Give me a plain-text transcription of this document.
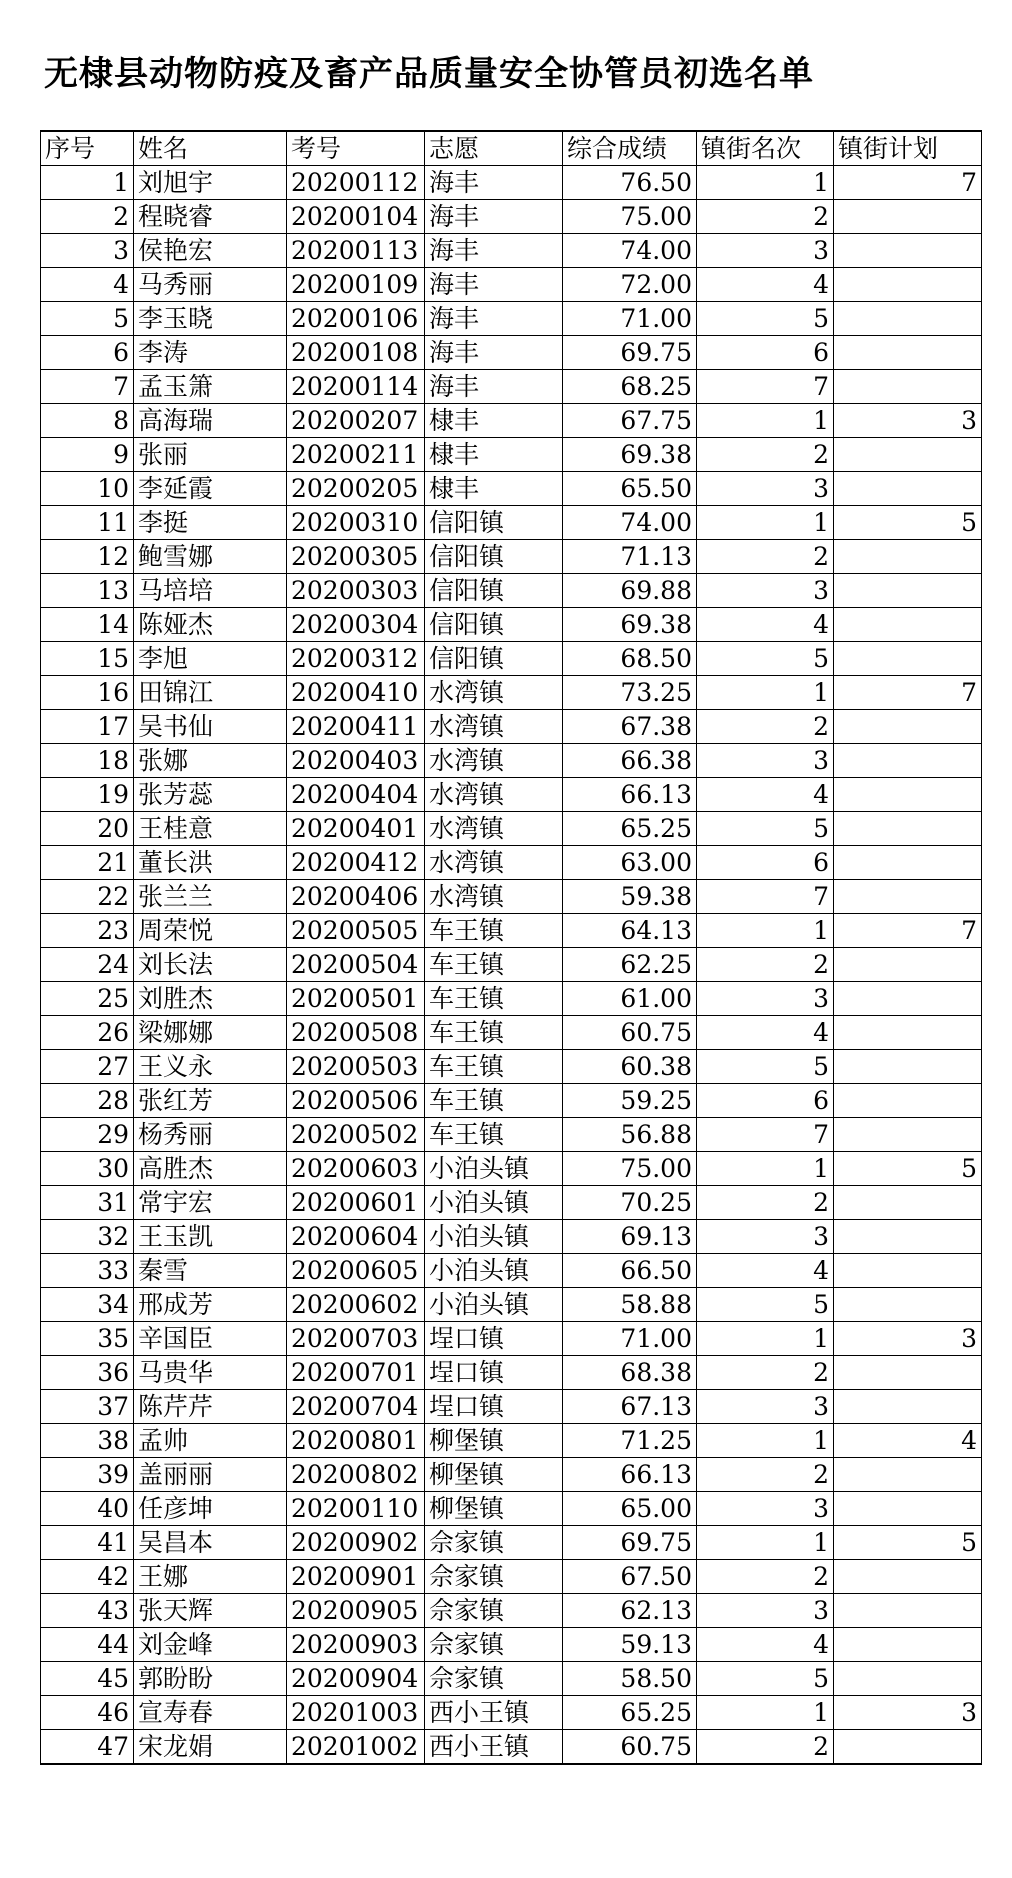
无棣县动物防疫及畜产品质量安全协管员初选名单
序号	姓名	考号	志愿	综合成绩	镇街名次	镇街计划
1	刘旭宇	20200112	海丰	76.50	1	7
2	程晓睿	20200104	海丰	75.00	2	
3	侯艳宏	20200113	海丰	74.00	3	
4	马秀丽	20200109	海丰	72.00	4	
5	李玉晓	20200106	海丰	71.00	5	
6	李涛	20200108	海丰	69.75	6	
7	孟玉箫	20200114	海丰	68.25	7	
8	高海瑞	20200207	棣丰	67.75	1	3
9	张丽	20200211	棣丰	69.38	2	
10	李延霞	20200205	棣丰	65.50	3	
11	李挺	20200310	信阳镇	74.00	1	5
12	鲍雪娜	20200305	信阳镇	71.13	2	
13	马培培	20200303	信阳镇	69.88	3	
14	陈娅杰	20200304	信阳镇	69.38	4	
15	李旭	20200312	信阳镇	68.50	5	
16	田锦江	20200410	水湾镇	73.25	1	7
17	吴书仙	20200411	水湾镇	67.38	2	
18	张娜	20200403	水湾镇	66.38	3	
19	张芳蕊	20200404	水湾镇	66.13	4	
20	王桂意	20200401	水湾镇	65.25	5	
21	董长洪	20200412	水湾镇	63.00	6	
22	张兰兰	20200406	水湾镇	59.38	7	
23	周荣悦	20200505	车王镇	64.13	1	7
24	刘长法	20200504	车王镇	62.25	2	
25	刘胜杰	20200501	车王镇	61.00	3	
26	梁娜娜	20200508	车王镇	60.75	4	
27	王义永	20200503	车王镇	60.38	5	
28	张红芳	20200506	车王镇	59.25	6	
29	杨秀丽	20200502	车王镇	56.88	7	
30	高胜杰	20200603	小泊头镇	75.00	1	5
31	常宇宏	20200601	小泊头镇	70.25	2	
32	王玉凯	20200604	小泊头镇	69.13	3	
33	秦雪	20200605	小泊头镇	66.50	4	
34	邢成芳	20200602	小泊头镇	58.88	5	
35	辛国臣	20200703	埕口镇	71.00	1	3
36	马贵华	20200701	埕口镇	68.38	2	
37	陈芹芹	20200704	埕口镇	67.13	3	
38	孟帅	20200801	柳堡镇	71.25	1	4
39	盖丽丽	20200802	柳堡镇	66.13	2	
40	任彦坤	20200110	柳堡镇	65.00	3	
41	吴昌本	20200902	佘家镇	69.75	1	5
42	王娜	20200901	佘家镇	67.50	2	
43	张天辉	20200905	佘家镇	62.13	3	
44	刘金峰	20200903	佘家镇	59.13	4	
45	郭盼盼	20200904	佘家镇	58.50	5	
46	宣寿春	20201003	西小王镇	65.25	1	3
47	宋龙娟	20201002	西小王镇	60.75	2	
